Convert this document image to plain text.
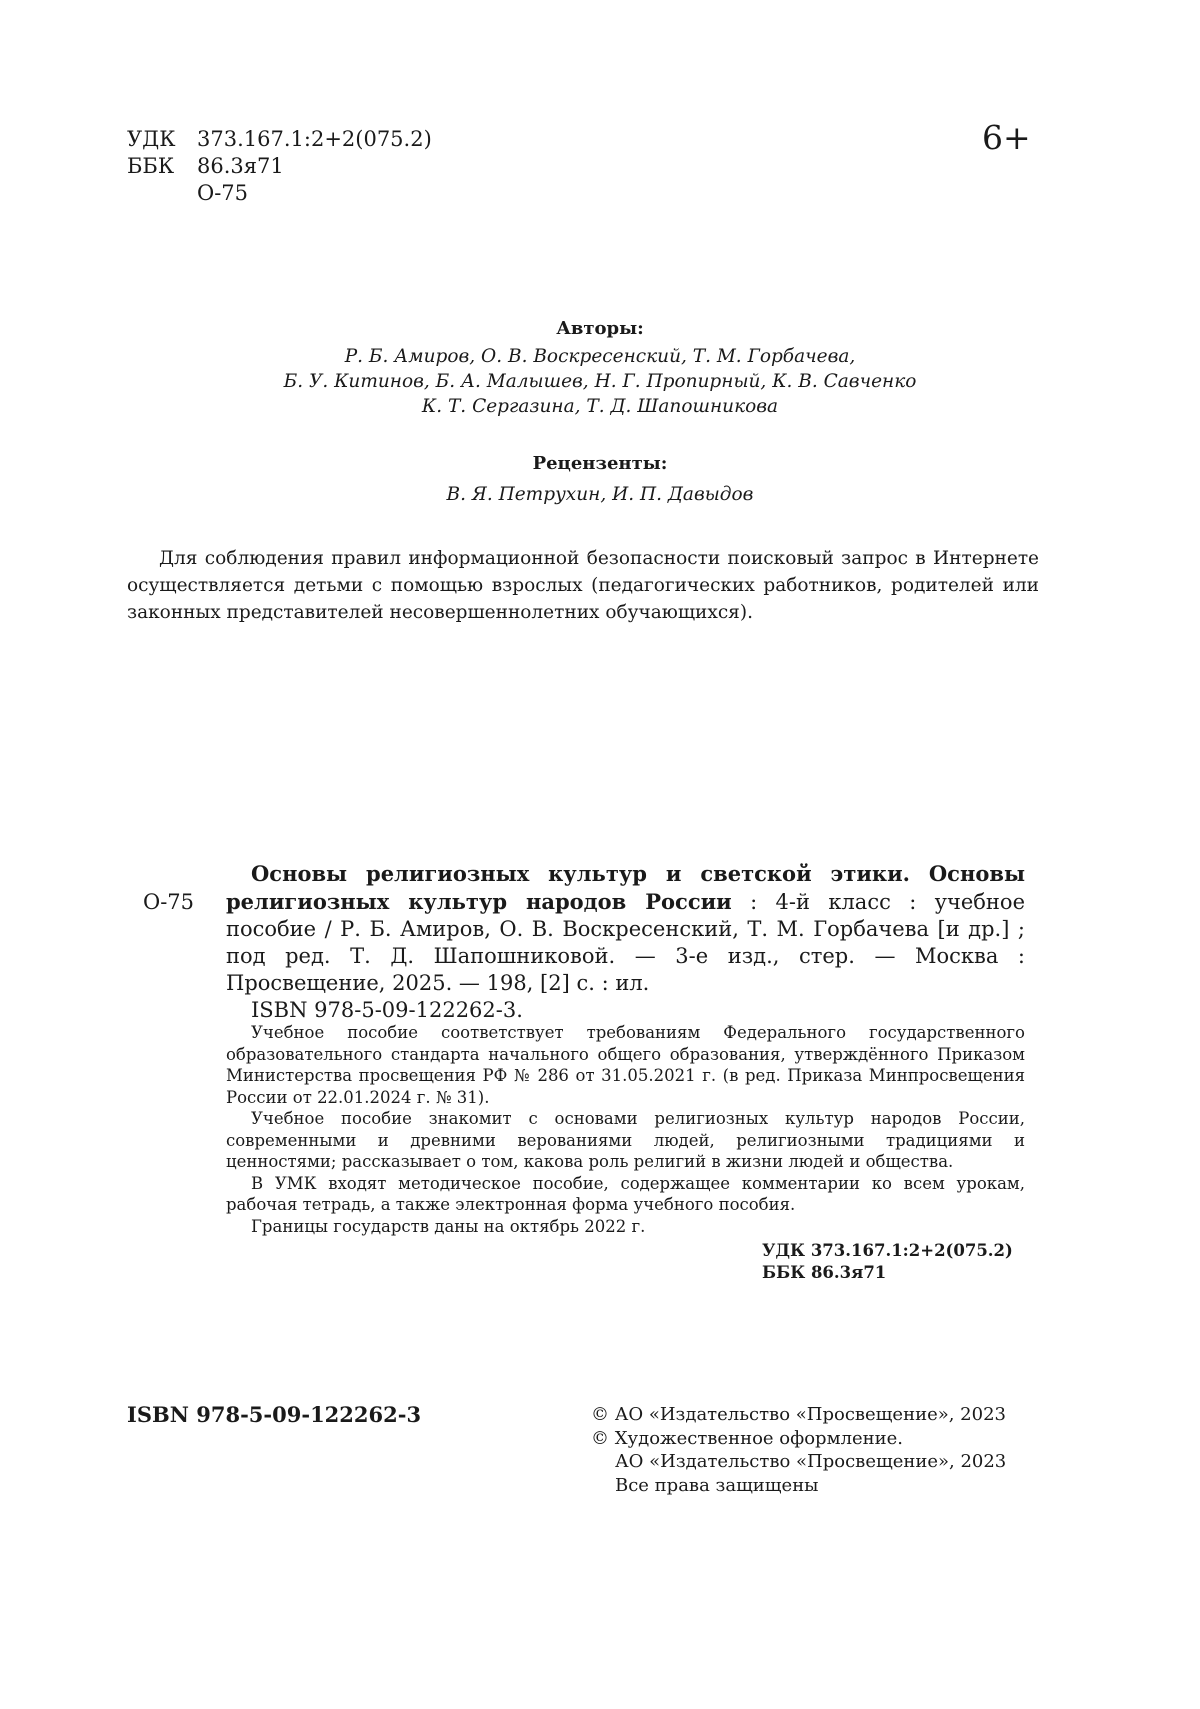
УДК	373.167.1:2+2(075.2)
ББК	86.3я71
О-75
6+
Авторы:
Р. Б. Амиров, О. В. Воскресенский, Т. М. Горбачева,
Б. У. Китинов, Б. А. Малышев, Н. Г. Пропирный, К. В. Савченко
К. Т. Сергазина, Т. Д. Шапошникова
Рецензенты:
В. Я. Петрухин, И. П. Давыдов

Для соблюдения правил информационной безопасности поисковый запрос в Интернете осуществляется детьми с помощью взрослых (педагогических работников, родителей или законных представителей несовершеннолетних обучающихся).

О-75

Основы религиозных культур и светской этики. Основы религиозных культур народов России : 4-й класс : учебное пособие / Р. Б. Амиров, О. В. Воскресенский, Т. М. Горбачева [и др.] ; под ред. Т. Д. Шапошниковой. — 3-е изд., стер. — Москва : Просвещение, 2025. — 198, [2] с. : ил.

ISBN 978-5-09-122262-3.

Учебное пособие соответствует требованиям Федерального государственного образовательного стандарта начального общего образования, утверждённого Приказом Министерства просвещения РФ № 286 от 31.05.2021 г. (в ред. Приказа Минпросвещения России от 22.01.2024 г. № 31).

Учебное пособие знакомит с основами религиозных культур народов России, современными и древними верованиями людей, религиозными традициями и ценностями; рассказывает о том, какова роль религий в жизни людей и общества.

В УМК входят методическое пособие, содержащее комментарии ко всем урокам, рабочая тетрадь, а также электронная форма учебного пособия.

Границы государств даны на октябрь 2022 г.

УДК 373.167.1:2+2(075.2)
ББК 86.3я71
ISBN 978-5-09-122262-3	© АО «Издательство «Просвещение», 2023
© Художественное оформление.
АО «Издательство «Просвещение», 2023
Все права защищены
